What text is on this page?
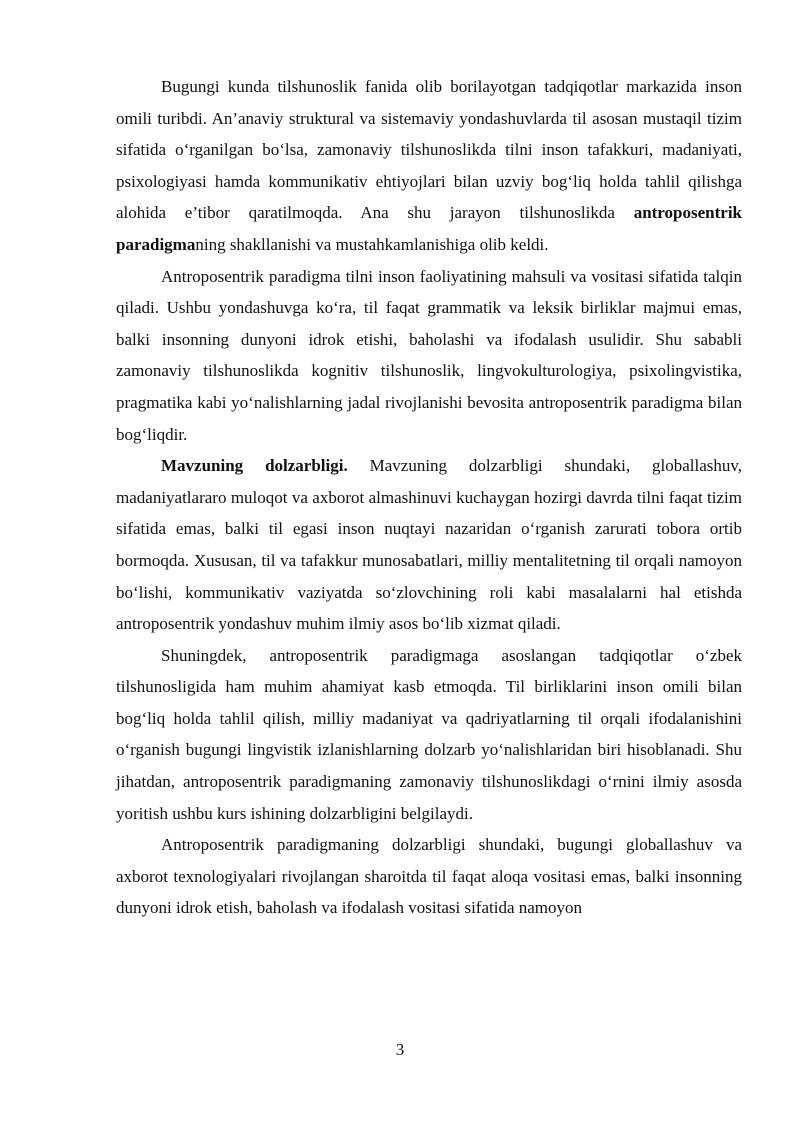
Bugungi kunda tilshunoslik fanida olib borilayotgan tadqiqotlar markazida inson omili turibdi. An’anaviy struktural va sistemaviy yondashuvlarda til asosan mustaqil tizim sifatida o‘rganilgan bo‘lsa, zamonaviy tilshunoslikda tilni inson tafakkuri, madaniyati, psixologiyasi hamda kommunikativ ehtiyojlari bilan uzviy bog‘liq holda tahlil qilishga alohida e’tibor qaratilmoqda. Ana shu jarayon tilshunoslikda antroposentrik paradigmaning shakllanishi va mustahkamlanishiga olib keldi.

Antroposentrik paradigma tilni inson faoliyatining mahsuli va vositasi sifatida talqin qiladi. Ushbu yondashuvga ko‘ra, til faqat grammatik va leksik birliklar majmui emas, balki insonning dunyoni idrok etishi, baholashi va ifodalash usulidir. Shu sababli zamonaviy tilshunoslikda kognitiv tilshunoslik, lingvokulturologiya, psixolingvistika, pragmatika kabi yo‘nalishlarning jadal rivojlanishi bevosita antroposentrik paradigma bilan bog‘liqdir.

Mavzuning dolzarbligi. Mavzuning dolzarbligi shundaki, globallashuv, madaniyatlararo muloqot va axborot almashinuvi kuchaygan hozirgi davrda tilni faqat tizim sifatida emas, balki til egasi inson nuqtayi nazaridan o‘rganish zarurati tobora ortib bormoqda. Xususan, til va tafakkur munosabatlari, milliy mentalitetning til orqali namoyon bo‘lishi, kommunikativ vaziyatda so‘zlovchining roli kabi masalalarni hal etishda antroposentrik yondashuv muhim ilmiy asos bo‘lib xizmat qiladi.

Shuningdek, antroposentrik paradigmaga asoslangan tadqiqotlar o‘zbek tilshunosligida ham muhim ahamiyat kasb etmoqda. Til birliklarini inson omili bilan bog‘liq holda tahlil qilish, milliy madaniyat va qadriyatlarning til orqali ifodalanishini o‘rganish bugungi lingvistik izlanishlarning dolzarb yo‘nalishlaridan biri hisoblanadi. Shu jihatdan, antroposentrik paradigmaning zamonaviy tilshunoslikdagi o‘rnini ilmiy asosda yoritish ushbu kurs ishining dolzarbligini belgilaydi.

Antroposentrik paradigmaning dolzarbligi shundaki, bugungi globallashuv va axborot texnologiyalari rivojlangan sharoitda til faqat aloqa vositasi emas, balki insonning dunyoni idrok etish, baholash va ifodalash vositasi sifatida namoyon

3
